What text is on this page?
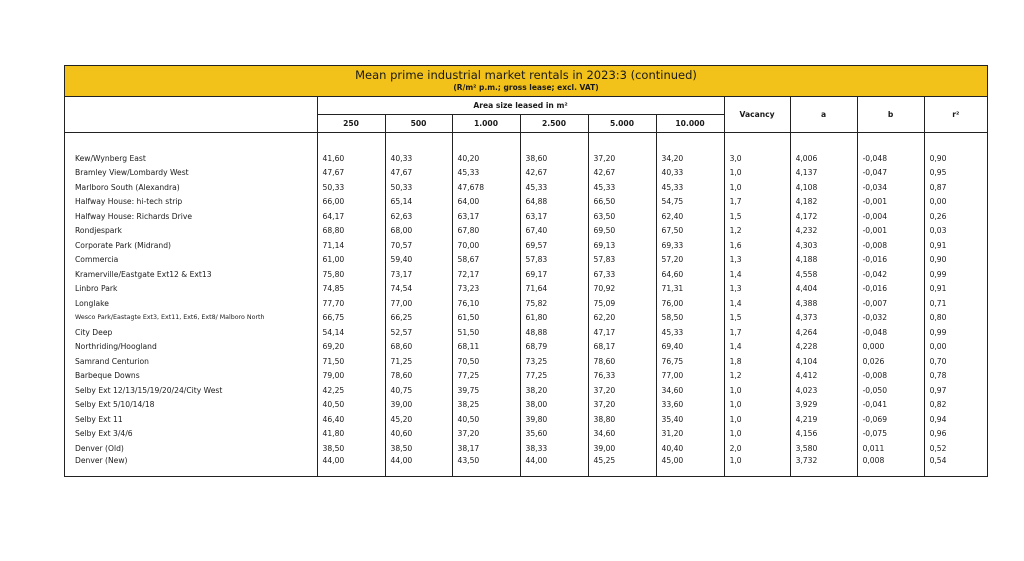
Mean prime industrial market rentals in 2023:3 (continued)
(R/m² p.m.; gross lease; excl. VAT)
	Area size leased in m²						Vacancy	a	b	r²
	250	500	1.000	2.500	5.000	10.000				

Kew/Wynberg East	41,60	40,33	40,20	38,60	37,20	34,20	3,0	4,006	-0,048	0,90
Bramley View/Lombardy West	47,67	47,67	45,33	42,67	42,67	40,33	1,0	4,137	-0,047	0,95
Marlboro South (Alexandra)	50,33	50,33	47,678	45,33	45,33	45,33	1,0	4,108	-0,034	0,87
Halfway House: hi-tech strip	66,00	65,14	64,00	64,88	66,50	54,75	1,7	4,182	-0,001	0,00
Halfway House: Richards Drive	64,17	62,63	63,17	63,17	63,50	62,40	1,5	4,172	-0,004	0,26
Rondjespark	68,80	68,00	67,80	67,40	69,50	67,50	1,2	4,232	-0,001	0,03
Corporate Park (Midrand)	71,14	70,57	70,00	69,57	69,13	69,33	1,6	4,303	-0,008	0,91
Commercia	61,00	59,40	58,67	57,83	57,83	57,20	1,3	4,188	-0,016	0,90
Kramerville/Eastgate Ext12 & Ext13	75,80	73,17	72,17	69,17	67,33	64,60	1,4	4,558	-0,042	0,99
Linbro Park	74,85	74,54	73,23	71,64	70,92	71,31	1,3	4,404	-0,016	0,91
Longlake	77,70	77,00	76,10	75,82	75,09	76,00	1,4	4,388	-0,007	0,71
Wesco Park/Eastagte Ext3, Ext11, Ext6, Ext8/ Malboro North	66,75	66,25	61,50	61,80	62,20	58,50	1,5	4,373	-0,032	0,80
City Deep	54,14	52,57	51,50	48,88	47,17	45,33	1,7	4,264	-0,048	0,99
Northriding/Hoogland	69,20	68,60	68,11	68,79	68,17	69,40	1,4	4,228	0,000	0,00
Samrand Centurion	71,50	71,25	70,50	73,25	78,60	76,75	1,8	4,104	0,026	0,70
Barbeque Downs	79,00	78,60	77,25	77,25	76,33	77,00	1,2	4,412	-0,008	0,78
Selby Ext 12/13/15/19/20/24/City West	42,25	40,75	39,75	38,20	37,20	34,60	1,0	4,023	-0,050	0,97
Selby Ext 5/10/14/18	40,50	39,00	38,25	38,00	37,20	33,60	1,0	3,929	-0,041	0,82
Selby Ext 11	46,40	45,20	40,50	39,80	38,80	35,40	1,0	4,219	-0,069	0,94
Selby Ext 3/4/6	41,80	40,60	37,20	35,60	34,60	31,20	1,0	4,156	-0,075	0,96
Denver (Old)	38,50	38,50	38,17	38,33	39,00	40,40	2,0	3,580	0,011	0,52
Denver (New)	44,00	44,00	43,50	44,00	45,25	45,00	1,0	3,732	0,008	0,54
